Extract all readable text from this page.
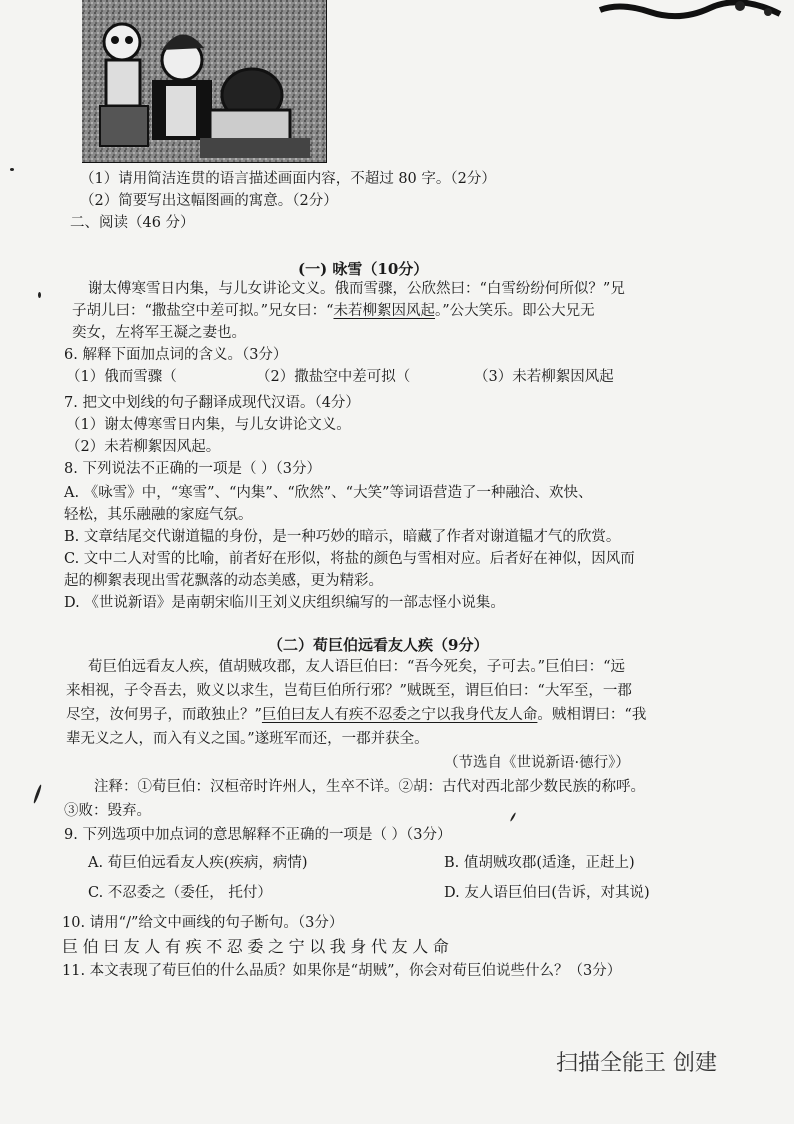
（1）请用简洁连贯的语言描述画面内容，不超过 80 字。（2分）
（2）简要写出这幅图画的寓意。（2分）
二、阅读（46 分）
(一) 咏雪（10分）
谢太傅寒雪日内集，与儿女讲论文义。俄而雪骤，公欣然曰：“白雪纷纷何所似？”兄
子胡儿曰：“撒盐空中差可拟。”兄女曰：“未若柳絮因风起。”公大笑乐。即公大兄无
奕女，左将军王凝之妻也。
6. 解释下面加点词的含义。（3分）
（1）俄而雪骤（	（2）撒盐空中差可拟（	（3）未若柳絮因风起
7. 把文中划线的句子翻译成现代汉语。（4分）
（1）谢太傅寒雪日内集，与儿女讲论文义。
（2）未若柳絮因风起。
8. 下列说法不正确的一项是（ ）（3分）
A. 《咏雪》中，“寒雪”、“内集”、“欣然”、“大笑”等词语营造了一种融洽、欢快、
轻松，其乐融融的家庭气氛。
B. 文章结尾交代谢道韫的身份，是一种巧妙的暗示，暗藏了作者对谢道韫才气的欣赏。
C. 文中二人对雪的比喻，前者好在形似，将盐的颜色与雪相对应。后者好在神似，因风而
起的柳絮表现出雪花飘落的动态美感，更为精彩。
D. 《世说新语》是南朝宋临川王刘义庆组织编写的一部志怪小说集。
（二）荀巨伯远看友人疾（9分）
荀巨伯远看友人疾，值胡贼攻郡，友人语巨伯曰：“吾今死矣，子可去。”巨伯曰：“远
来相视，子令吾去，败义以求生，岂荀巨伯所行邪？”贼既至，谓巨伯曰：“大军至，一郡
尽空，汝何男子，而敢独止？”巨伯曰友人有疾不忍委之宁以我身代友人命。贼相谓曰：“我
辈无义之人，而入有义之国。”遂班军而还，一郡并获全。
（节选自《世说新语·德行》）
注释：①荀巨伯：汉桓帝时许州人，生卒不详。②胡：古代对西北部少数民族的称呼。
③败：毁弃。
9. 下列选项中加点词的意思解释不正确的一项是（ ）（3分）
A. 荀巨伯远看友人疾(疾病，病情)	B. 值胡贼攻郡(适逢，正赶上)
C. 不忍委之（委任， 托付）	D. 友人语巨伯曰(告诉，对其说)
10. 请用“/”给文中画线的句子断句。（3分）
巨伯曰友人有疾不忍委之宁以我身代友人命
11. 本文表现了荀巨伯的什么品质？如果你是“胡贼”，你会对荀巨伯说些什么？（3分）
扫描全能王 创建
